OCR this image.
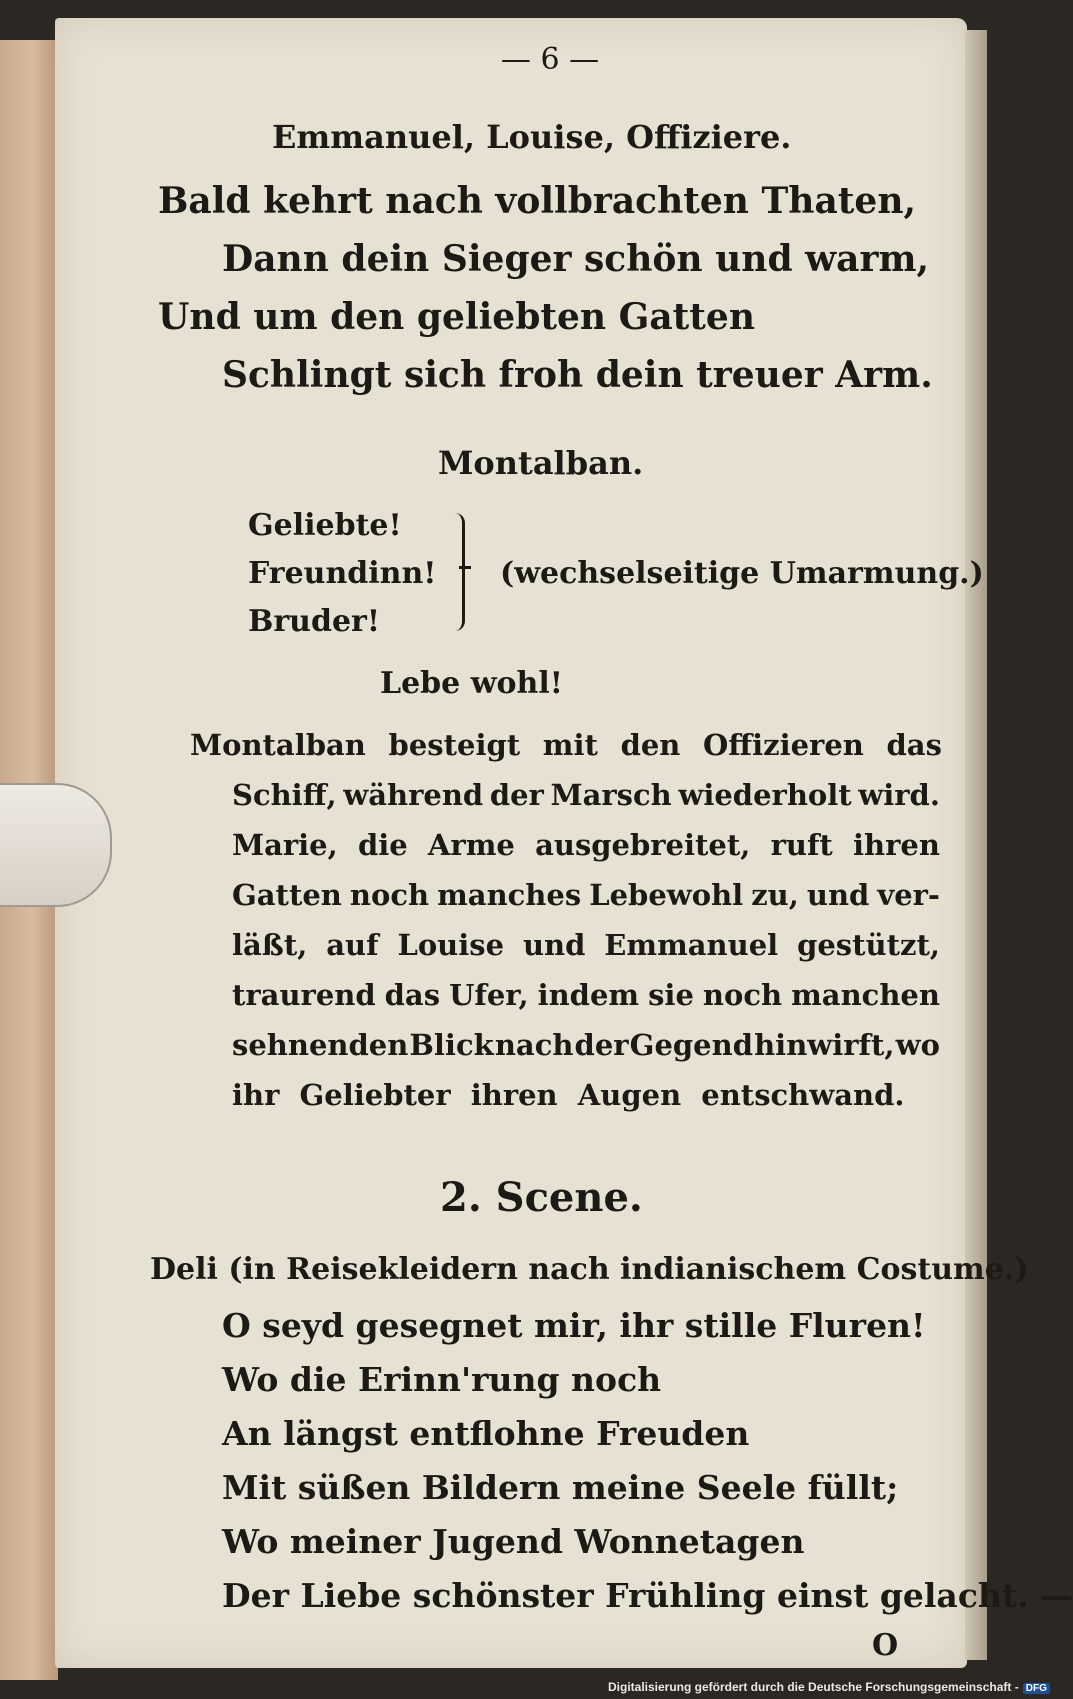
— 6 —
Emmanuel, Louise, Offiziere.
Bald kehrt nach vollbrachten Thaten,
Dann dein Sieger schön und warm,
Und um den geliebten Gatten
Schlingt sich froh dein treuer Arm.
Montalban.
Geliebte!
Freundinn!
Bruder!
(wechselseitige Umarmung.)
Lebe wohl!
Montalban besteigt mit den Offizieren das
Schiff, während der Marsch wiederholt wird.
Marie, die Arme ausgebreitet, ruft ihren
Gatten noch manches Lebewohl zu, und ver-
läßt, auf Louise und Emmanuel gestützt,
traurend das Ufer, indem sie noch manchen
sehnenden Blick nach der Gegend hinwirft, wo
ihr Geliebter ihren Augen entschwand.
2. Scene.
Deli (in Reisekleidern nach indianischem Costume.)
O seyd gesegnet mir, ihr stille Fluren!
Wo die Erinn'rung noch
An längst entflohne Freuden
Mit süßen Bildern meine Seele füllt;
Wo meiner Jugend Wonnetagen
Der Liebe schönster Frühling einst gelacht. —
O
Digitalisierung gefördert durch die Deutsche Forschungsgemeinschaft - DFG
